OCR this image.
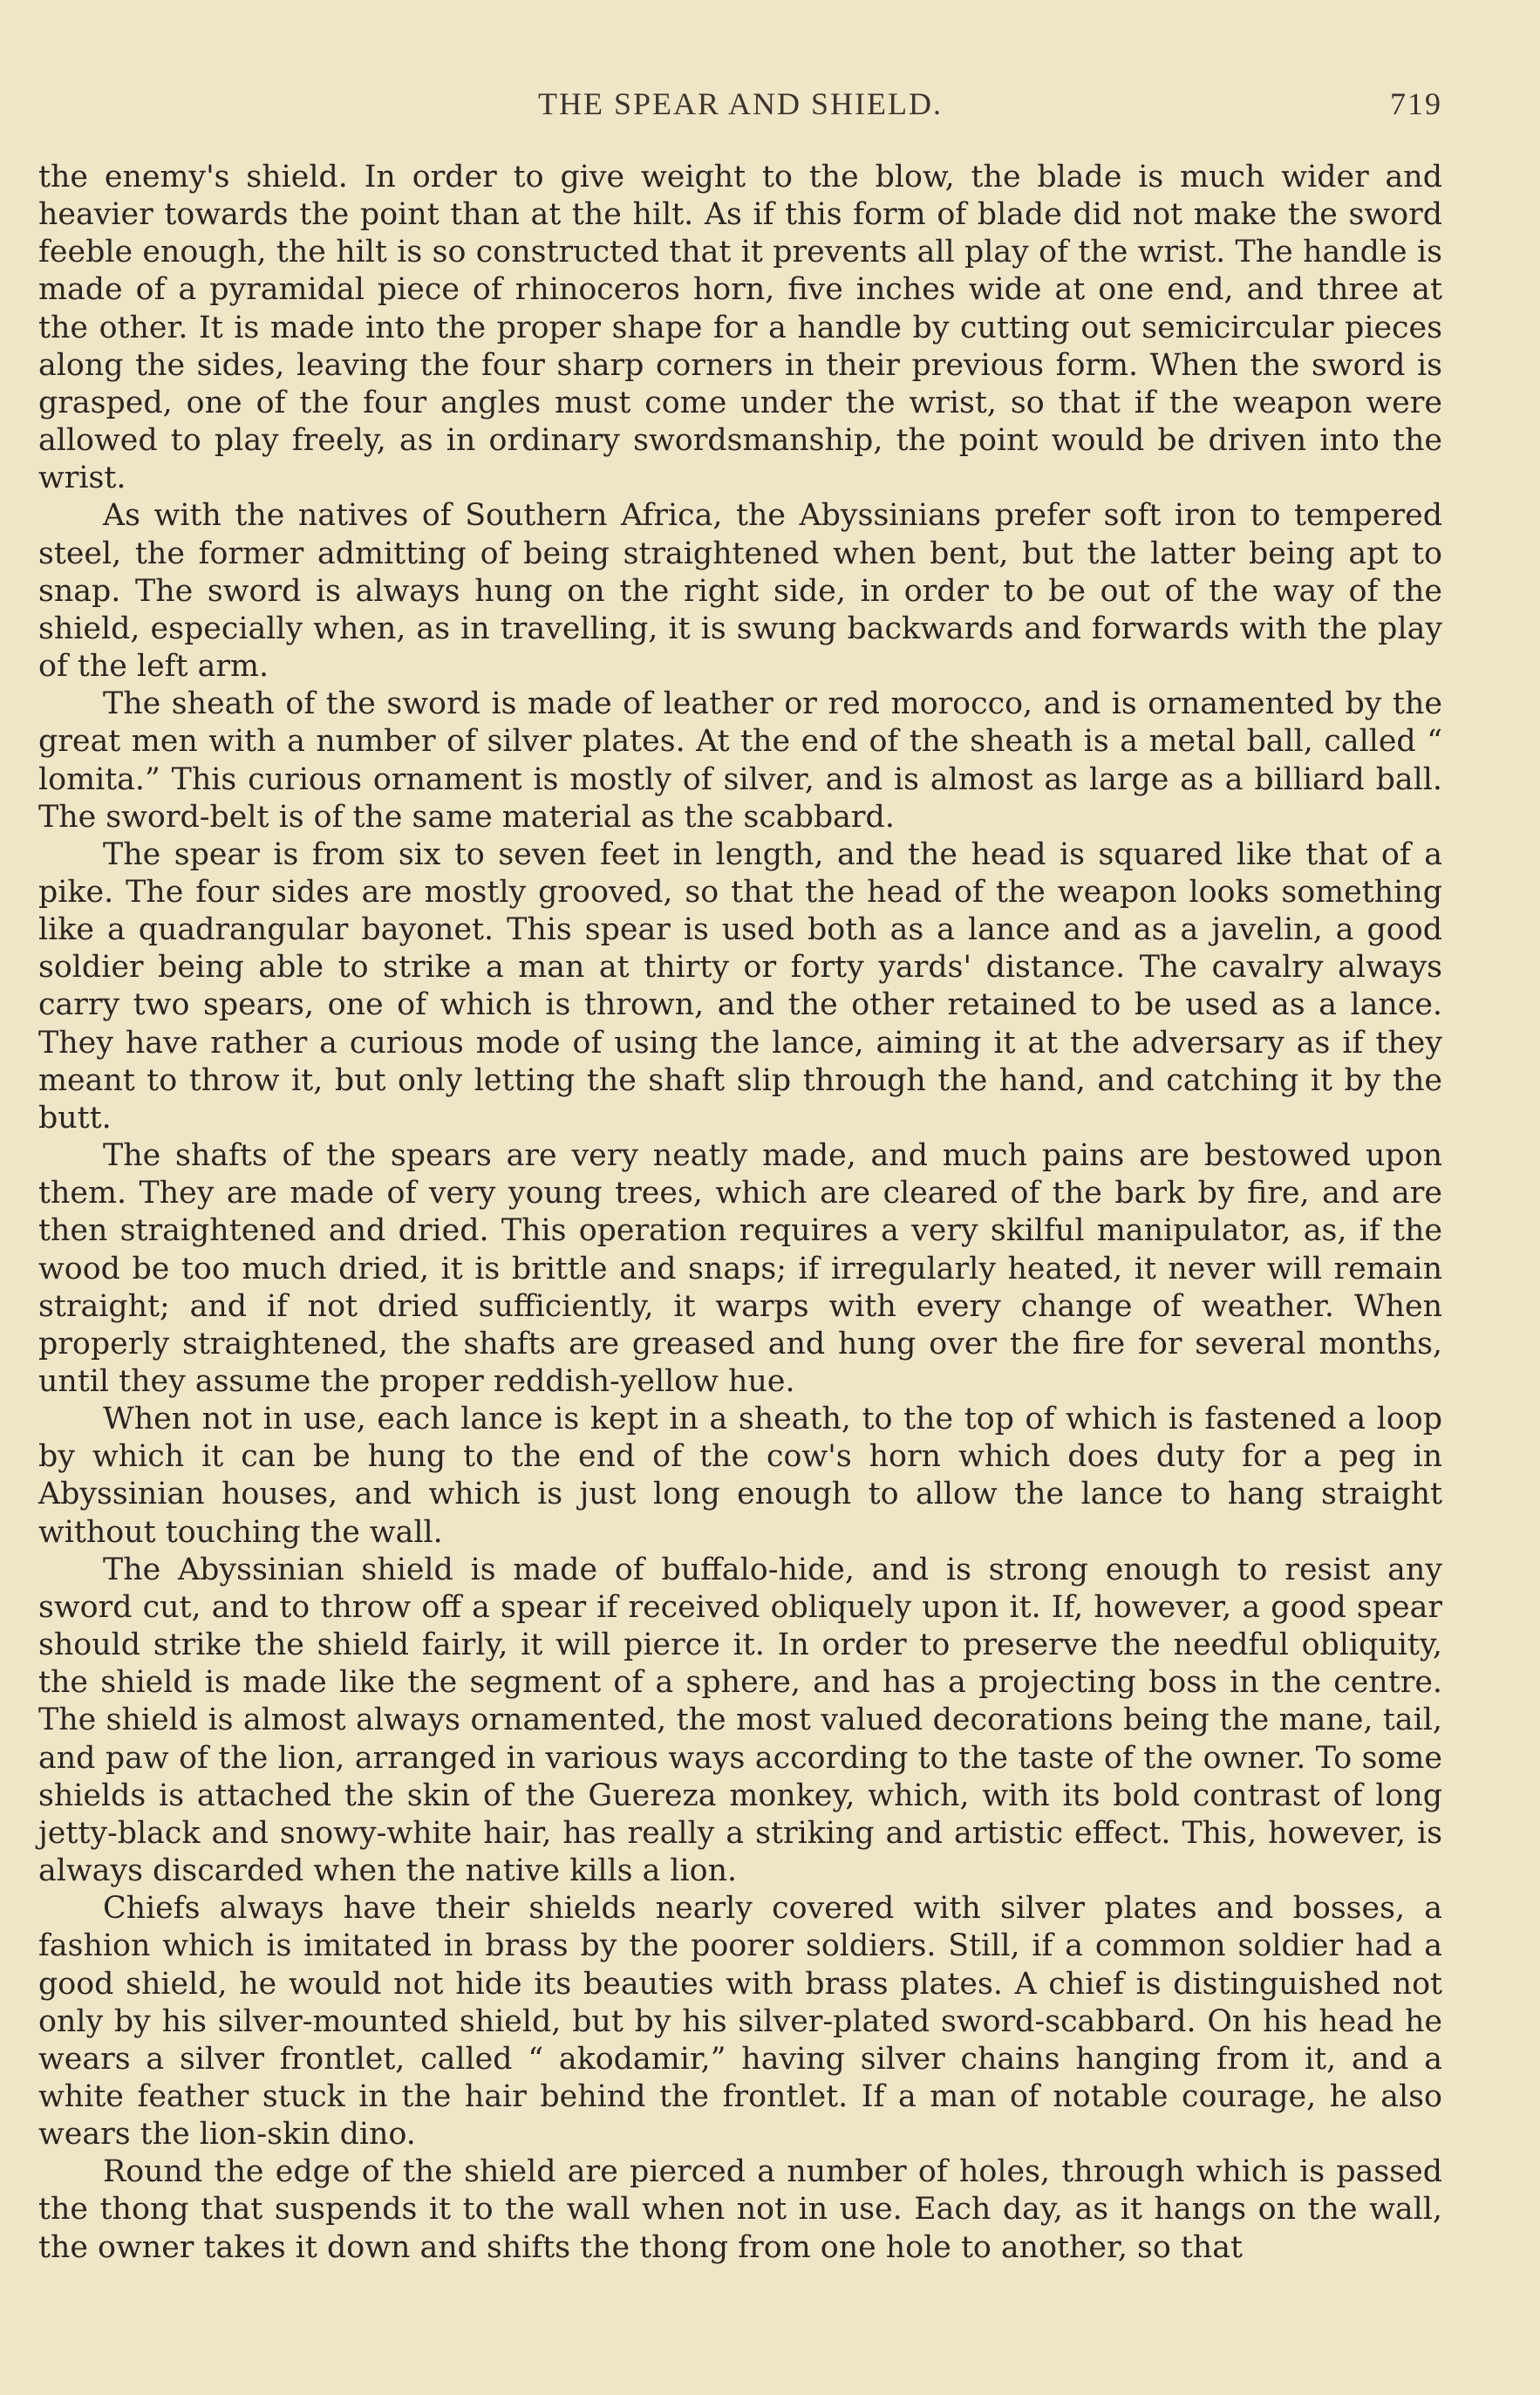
THE SPEAR AND SHIELD.	719

the enemy's shield. In order to give weight to the blow, the blade is much wider and heavier towards the point than at the hilt. As if this form of blade did not make the sword feeble enough, the hilt is so constructed that it prevents all play of the wrist. The handle is made of a pyramidal piece of rhinoceros horn, five inches wide at one end, and three at the other. It is made into the proper shape for a handle by cutting out semicircular pieces along the sides, leaving the four sharp corners in their previous form. When the sword is grasped, one of the four angles must come under the wrist, so that if the weapon were allowed to play freely, as in ordinary swordsmanship, the point would be driven into the wrist.

As with the natives of Southern Africa, the Abyssinians prefer soft iron to tempered steel, the former admitting of being straightened when bent, but the latter being apt to snap. The sword is always hung on the right side, in order to be out of the way of the shield, especially when, as in travelling, it is swung backwards and forwards with the play of the left arm.

The sheath of the sword is made of leather or red morocco, and is ornamented by the great men with a number of silver plates. At the end of the sheath is a metal ball, called “ lomita.” This curious ornament is mostly of silver, and is almost as large as a billiard ball. The sword-belt is of the same material as the scabbard.

The spear is from six to seven feet in length, and the head is squared like that of a pike. The four sides are mostly grooved, so that the head of the weapon looks something like a quadrangular bayonet. This spear is used both as a lance and as a javelin, a good soldier being able to strike a man at thirty or forty yards' distance. The cavalry always carry two spears, one of which is thrown, and the other retained to be used as a lance. They have rather a curious mode of using the lance, aiming it at the adversary as if they meant to throw it, but only letting the shaft slip through the hand, and catching it by the butt.

The shafts of the spears are very neatly made, and much pains are bestowed upon them. They are made of very young trees, which are cleared of the bark by fire, and are then straightened and dried. This operation requires a very skilful manipulator, as, if the wood be too much dried, it is brittle and snaps; if irregularly heated, it never will remain straight; and if not dried sufficiently, it warps with every change of weather. When properly straightened, the shafts are greased and hung over the fire for several months, until they assume the proper reddish-yellow hue.

When not in use, each lance is kept in a sheath, to the top of which is fastened a loop by which it can be hung to the end of the cow's horn which does duty for a peg in Abyssinian houses, and which is just long enough to allow the lance to hang straight without touching the wall.

The Abyssinian shield is made of buffalo-hide, and is strong enough to resist any sword cut, and to throw off a spear if received obliquely upon it. If, however, a good spear should strike the shield fairly, it will pierce it. In order to preserve the needful obliquity, the shield is made like the segment of a sphere, and has a projecting boss in the centre. The shield is almost always ornamented, the most valued decorations being the mane, tail, and paw of the lion, arranged in various ways according to the taste of the owner. To some shields is attached the skin of the Guereza monkey, which, with its bold contrast of long jetty-black and snowy-white hair, has really a striking and artistic effect. This, however, is always discarded when the native kills a lion.

Chiefs always have their shields nearly covered with silver plates and bosses, a fashion which is imitated in brass by the poorer soldiers. Still, if a common soldier had a good shield, he would not hide its beauties with brass plates. A chief is distinguished not only by his silver-mounted shield, but by his silver-plated sword-scabbard. On his head he wears a silver frontlet, called “ akodamir,” having silver chains hanging from it, and a white feather stuck in the hair behind the frontlet. If a man of notable courage, he also wears the lion-skin dino.

Round the edge of the shield are pierced a number of holes, through which is passed the thong that suspends it to the wall when not in use. Each day, as it hangs on the wall, the owner takes it down and shifts the thong from one hole to another, so that
